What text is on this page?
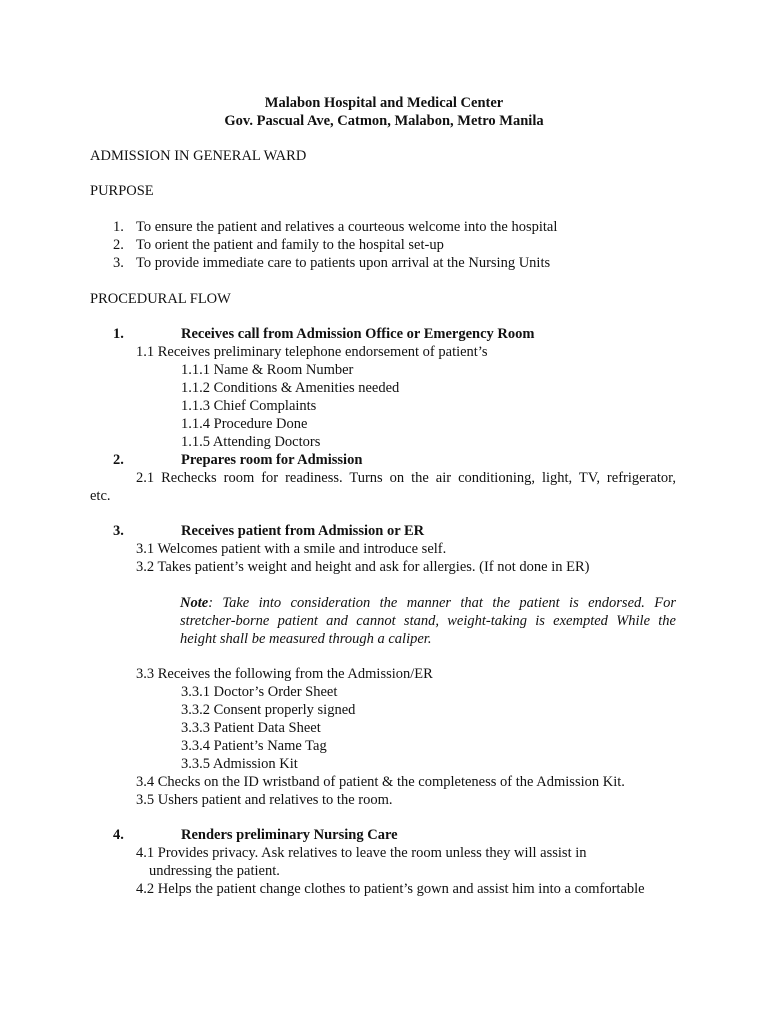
Malabon Hospital and Medical Center
Gov. Pascual Ave, Catmon, Malabon, Metro Manila
ADMISSION IN GENERAL WARD
PURPOSE
1. To ensure the patient and relatives a courteous welcome into the hospital
2. To orient the patient and family to the hospital set-up
3. To provide immediate care to patients upon arrival at the Nursing Units
PROCEDURAL FLOW
1.	Receives call from Admission Office or Emergency Room
1.1 Receives preliminary telephone endorsement of patient’s
1.1.1 Name & Room Number
1.1.2 Conditions & Amenities needed
1.1.3 Chief Complaints
1.1.4 Procedure Done
1.1.5 Attending Doctors
2.	Prepares room for Admission
2.1 Rechecks room for readiness. Turns on the air conditioning, light, TV, refrigerator,
etc.
3.	Receives patient from Admission or ER
3.1 Welcomes patient with a smile and introduce self.
3.2 Takes patient’s weight and height and ask for allergies. (If not done in ER)
Note: Take into consideration the manner that the patient is endorsed. For
stretcher-borne patient and cannot stand, weight-taking is exempted While the
height shall be measured through a caliper.
3.3 Receives the following from the Admission/ER
3.3.1 Doctor’s Order Sheet
3.3.2 Consent properly signed
3.3.3 Patient Data Sheet
3.3.4 Patient’s Name Tag
3.3.5 Admission Kit
3.4 Checks on the ID wristband of patient & the completeness of the Admission Kit.
3.5 Ushers patient and relatives to the room.
4.	Renders preliminary Nursing Care
4.1 Provides privacy. Ask relatives to leave the room unless they will assist in
undressing the patient.
4.2 Helps the patient change clothes to patient’s gown and assist him into a comfortable
